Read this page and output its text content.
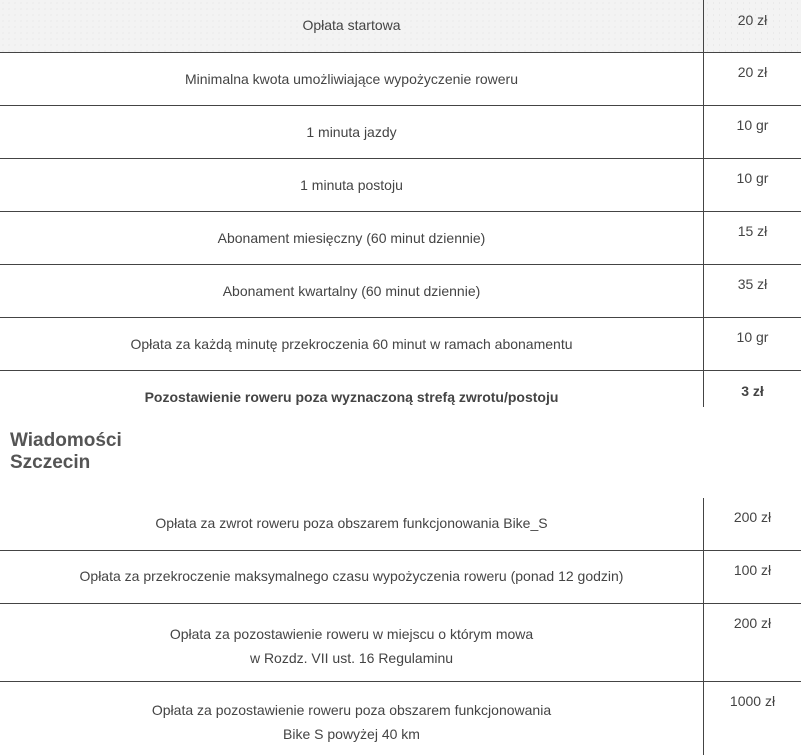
Opłata startowa	20 zł

Minimalna kwota umożliwiające wypożyczenie roweru	20 zł

1 minuta jazdy	10 gr

1 minuta postoju	10 gr

Abonament miesięczny (60 minut dziennie)	15 zł

Abonament kwartalny (60 minut dziennie)	35 zł

Opłata za każdą minutę przekroczenia 60 minut w ramach abonamentu	10 gr

Pozostawienie roweru poza wyznaczoną strefą zwrotu/postoju	3 zł
Wiadomości
Szczecin
Opłata za zwrot roweru poza obszarem funkcjonowania Bike_S	200 zł

Opłata za przekroczenie maksymalnego czasu wypożyczenia roweru (ponad 12 godzin)	100 zł

Opłata za pozostawienie roweru w miejscu o którym mowa
w Rozdz. VII ust. 16 Regulaminu	200 zł

Opłata za pozostawienie roweru poza obszarem funkcjonowania
Bike S powyżej 40 km	1000 zł
